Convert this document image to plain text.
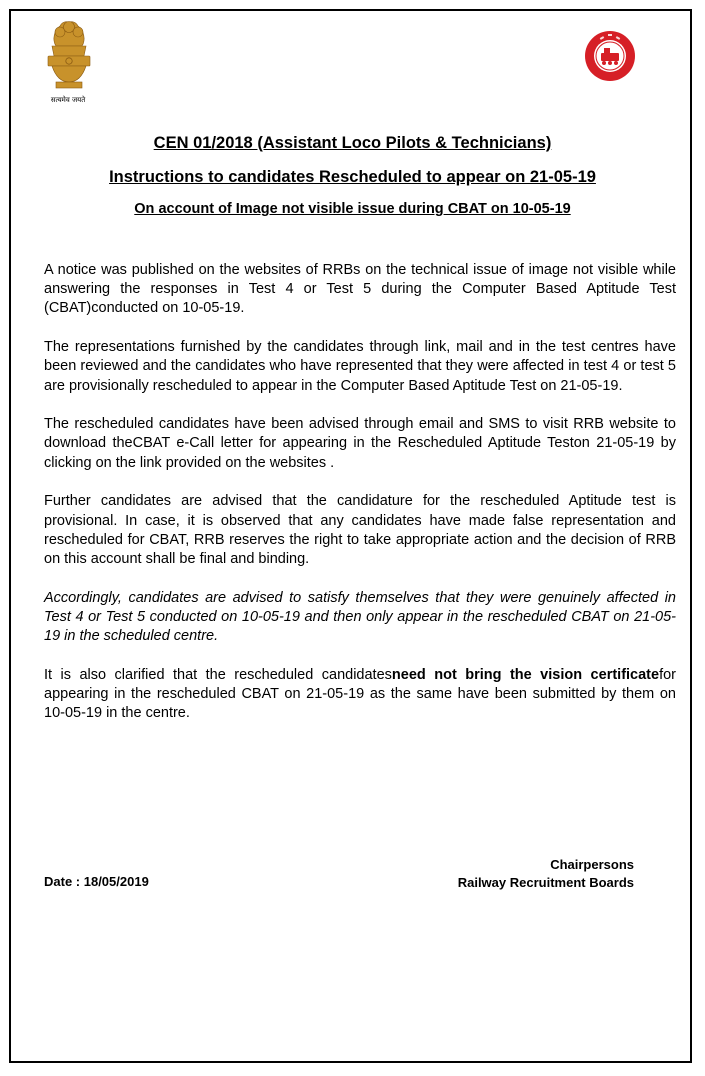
सत्यमेव जयते
CEN 01/2018 (Assistant Loco Pilots & Technicians)
Instructions to candidates Rescheduled to appear on 21-05-19
On account of Image not visible issue during CBAT on 10-05-19

A notice was published on the websites of RRBs on the technical issue of image not visible while answering the responses in Test 4 or Test 5 during the Computer Based Aptitude Test (CBAT)conducted on 10-05-19.

The representations furnished by the candidates through link, mail and in the test centres have been reviewed and the candidates who have represented that they were affected in test 4 or test 5 are provisionally rescheduled to appear in the Computer Based Aptitude Test on 21-05-19.

The rescheduled candidates have been advised through email and SMS to visit RRB website to download theCBAT e-Call letter for appearing in the Rescheduled Aptitude Teston 21-05-19 by clicking on the link provided on the websites .

Further candidates are advised that the candidature for the rescheduled Aptitude test is provisional. In case, it is observed that any candidates have made false representation and rescheduled for CBAT, RRB reserves the right to take appropriate action and the decision of RRB on this account shall be final and binding.

Accordingly, candidates are advised to satisfy themselves that they were genuinely affected in Test 4 or Test 5 conducted on 10-05-19 and then only appear in the rescheduled CBAT on 21-05-19 in the scheduled centre.

It is also clarified that the rescheduled candidatesneed not bring the vision certificatefor appearing in the rescheduled CBAT on 21-05-19 as the same have been submitted by them on 10-05-19 in the centre.

Date : 18/05/2019
Chairpersons
Railway Recruitment Boards
